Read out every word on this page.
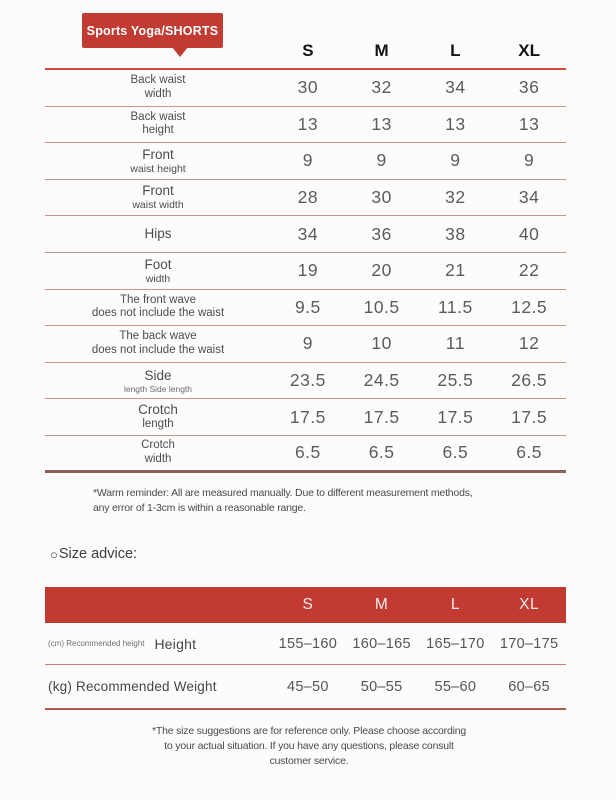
Sports Yoga/SHORTS
S	M	L	XL
Back waist
width	30	32	34	36
Back waist
height	13	13	13	13
Front
waist height	9	9	9	9
Front
waist width	28	30	32	34
Hips	34	36	38	40
Foot
width	19	20	21	22
The front wave
does not include the waist	9.5	10.5	11.5	12.5
The back wave
does not include the waist	9	10	11	12
Side
length Side length	23.5	24.5	25.5	26.5
Crotch
length	17.5	17.5	17.5	17.5
Crotch
width	6.5	6.5	6.5	6.5
*Warm reminder: All are measured manually. Due to different measurement methods, any error of 1-3cm is within a reasonable range.
○ Size advice:
S	M	L	XL
(cm) Recommended height Height	155–160	160–165	165–170	170–175
(kg) Recommended Weight	45–50	50–55	55–60	60–65
*The size suggestions are for reference only. Please choose according to your actual situation. If you have any questions, please consult customer service.
